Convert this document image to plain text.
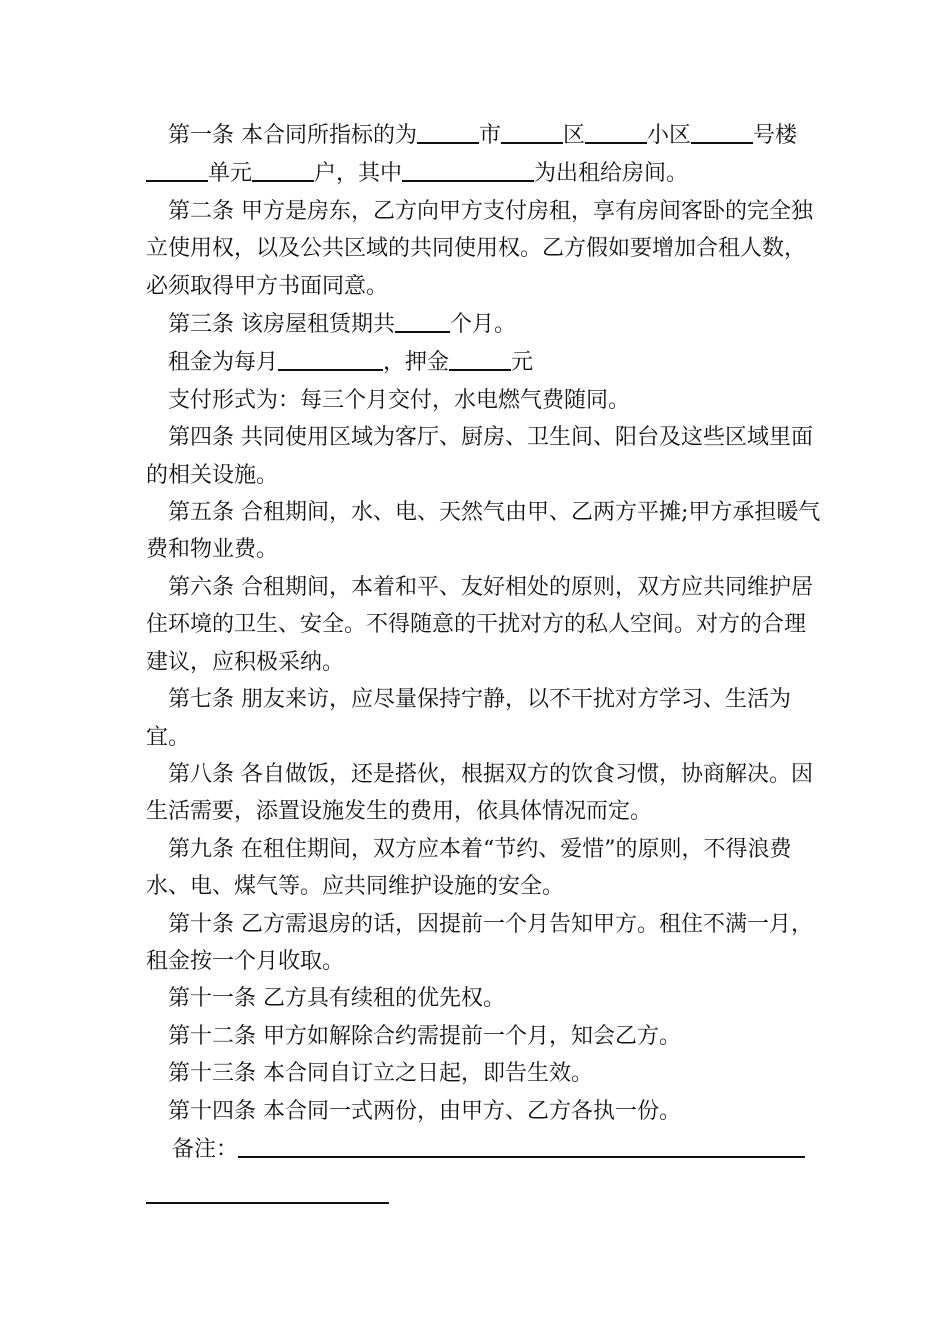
第一条 本合同所指标的为	市	区	小区	号楼单元	户，其中	为出租给房间。

第二条 甲方是房东，乙方向甲方支付房租，享有房间客卧的完全独立使用权，以及公共区域的共同使用权。乙方假如要增加合租人数，必须取得甲方书面同意。

第三条 该房屋租赁期共	个月。

租金为每月	，押金	元

支付形式为：每三个月交付，水电燃气费随同。

第四条 共同使用区域为客厅、厨房、卫生间、阳台及这些区域里面的相关设施。

第五条 合租期间，水、电、天然气由甲、乙两方平摊;甲方承担暖气费和物业费。

第六条 合租期间，本着和平、友好相处的原则，双方应共同维护居住环境的卫生、安全。不得随意的干扰对方的私人空间。对方的合理建议，应积极采纳。

第七条 朋友来访，应尽量保持宁静，以不干扰对方学习、生活为宜。

第八条 各自做饭，还是搭伙，根据双方的饮食习惯，协商解决。因生活需要，添置设施发生的费用，依具体情况而定。

第九条 在租住期间，双方应本着“节约、爱惜”的原则，不得浪费水、电、煤气等。应共同维护设施的安全。

第十条 乙方需退房的话，因提前一个月告知甲方。租住不满一月，租金按一个月收取。

第十一条 乙方具有续租的优先权。

第十二条 甲方如解除合约需提前一个月，知会乙方。

第十三条 本合同自订立之日起，即告生效。

第十四条 本合同一式两份，由甲方、乙方各执一份。

备注：
